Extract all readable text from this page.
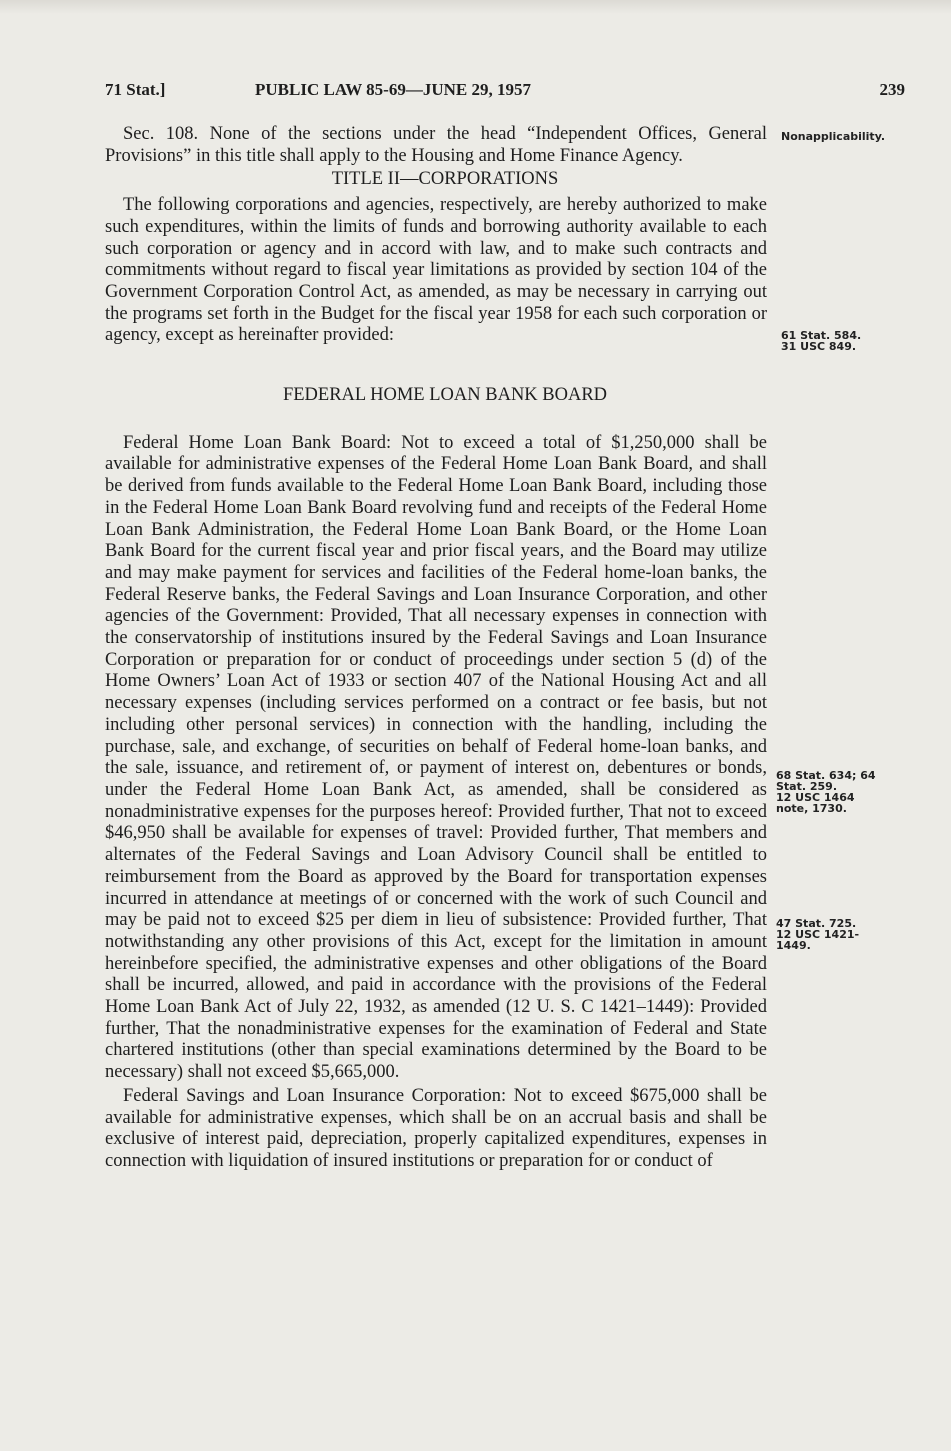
71 Stat.]	PUBLIC LAW 85-69—JUNE 29, 1957	239

Sec. 108. None of the sections under the head “Independent Offices, General Provisions” in this title shall apply to the Housing and Home Finance Agency.

TITLE II—CORPORATIONS

The following corporations and agencies, respectively, are hereby authorized to make such expenditures, within the limits of funds and borrowing authority available to each such corporation or agency and in accord with law, and to make such contracts and commitments without regard to fiscal year limitations as provided by section 104 of the Government Corporation Control Act, as amended, as may be necessary in carrying out the programs set forth in the Budget for the fiscal year 1958 for each such corporation or agency, except as hereinafter provided:

FEDERAL HOME LOAN BANK BOARD

Federal Home Loan Bank Board: Not to exceed a total of $1,250,000 shall be available for administrative expenses of the Federal Home Loan Bank Board, and shall be derived from funds available to the Federal Home Loan Bank Board, including those in the Federal Home Loan Bank Board revolving fund and receipts of the Federal Home Loan Bank Administration, the Federal Home Loan Bank Board, or the Home Loan Bank Board for the current fiscal year and prior fiscal years, and the Board may utilize and may make payment for services and facilities of the Federal home-loan banks, the Federal Reserve banks, the Federal Savings and Loan Insurance Corporation, and other agencies of the Government: Provided, That all necessary expenses in connection with the conservatorship of institutions insured by the Federal Savings and Loan Insurance Corporation or preparation for or conduct of proceedings under section 5 (d) of the Home Owners’ Loan Act of 1933 or section 407 of the National Housing Act and all necessary expenses (including services performed on a contract or fee basis, but not including other personal services) in connection with the handling, including the purchase, sale, and exchange, of securities on behalf of Federal home-loan banks, and the sale, issuance, and retirement of, or payment of interest on, debentures or bonds, under the Federal Home Loan Bank Act, as amended, shall be considered as nonadministrative expenses for the purposes hereof: Provided further, That not to exceed $46,950 shall be available for expenses of travel: Provided further, That members and alternates of the Federal Savings and Loan Advisory Council shall be entitled to reimbursement from the Board as approved by the Board for transportation expenses incurred in attendance at meetings of or concerned with the work of such Council and may be paid not to exceed $25 per diem in lieu of subsistence: Provided further, That notwithstanding any other provisions of this Act, except for the limitation in amount hereinbefore specified, the administrative expenses and other obligations of the Board shall be incurred, allowed, and paid in accordance with the provisions of the Federal Home Loan Bank Act of July 22, 1932, as amended (12 U. S. C 1421–1449): Provided further, That the nonadministrative expenses for the examination of Federal and State chartered institutions (other than special examinations determined by the Board to be necessary) shall not exceed $5,665,000.

Federal Savings and Loan Insurance Corporation: Not to exceed $675,000 shall be available for administrative expenses, which shall be on an accrual basis and shall be exclusive of interest paid, depreciation, properly capitalized expenditures, expenses in connection with liquidation of insured institutions or preparation for or conduct of

Nonapplicability.
61 Stat. 584.
31 USC 849.
68 Stat. 634; 64
Stat. 259.
12 USC 1464
note, 1730.
47 Stat. 725.
12 USC 1421-
1449.
